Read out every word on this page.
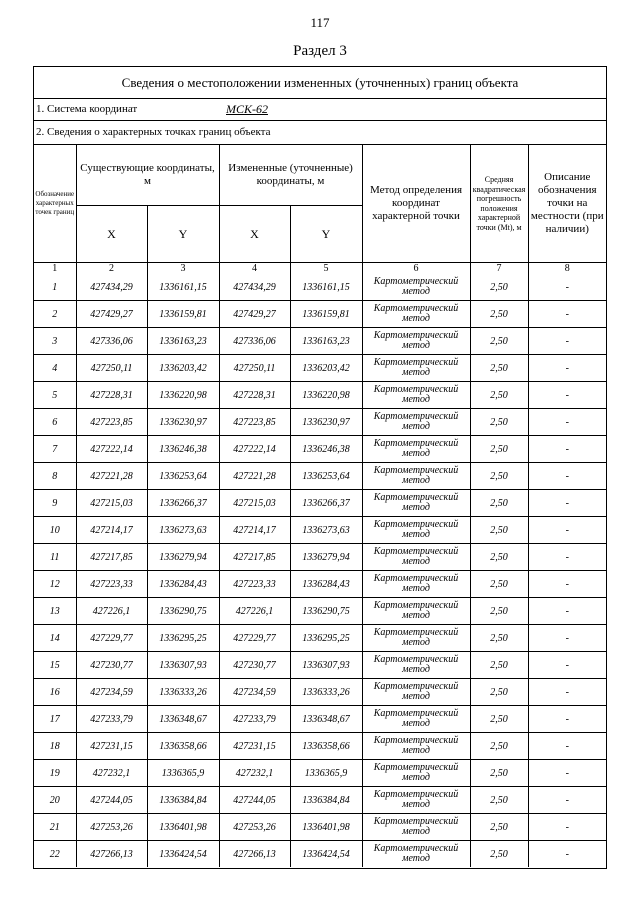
117
Раздел 3
Сведения о местоположении измененных (уточненных) границ объекта
1. Система координат	МСК-62
2. Сведения о характерных точках границ объекта
Обозначение характерных точек границ	Существующие координаты, м		Измененные (уточненные) координаты, м		Метод определения координат характерной точки	Средняя квадратическая погрешность положения характерной точки (Mt), м	Описание обозначения точки на местности (при наличии)
	X	Y	X	Y			
1	2	3	4	5	6	7	8
1	427434,29	1336161,15	427434,29	1336161,15	Картометрический метод	2,50	-
2	427429,27	1336159,81	427429,27	1336159,81	Картометрический метод	2,50	-
3	427336,06	1336163,23	427336,06	1336163,23	Картометрический метод	2,50	-
4	427250,11	1336203,42	427250,11	1336203,42	Картометрический метод	2,50	-
5	427228,31	1336220,98	427228,31	1336220,98	Картометрический метод	2,50	-
6	427223,85	1336230,97	427223,85	1336230,97	Картометрический метод	2,50	-
7	427222,14	1336246,38	427222,14	1336246,38	Картометрический метод	2,50	-
8	427221,28	1336253,64	427221,28	1336253,64	Картометрический метод	2,50	-
9	427215,03	1336266,37	427215,03	1336266,37	Картометрический метод	2,50	-
10	427214,17	1336273,63	427214,17	1336273,63	Картометрический метод	2,50	-
11	427217,85	1336279,94	427217,85	1336279,94	Картометрический метод	2,50	-
12	427223,33	1336284,43	427223,33	1336284,43	Картометрический метод	2,50	-
13	427226,1	1336290,75	427226,1	1336290,75	Картометрический метод	2,50	-
14	427229,77	1336295,25	427229,77	1336295,25	Картометрический метод	2,50	-
15	427230,77	1336307,93	427230,77	1336307,93	Картометрический метод	2,50	-
16	427234,59	1336333,26	427234,59	1336333,26	Картометрический метод	2,50	-
17	427233,79	1336348,67	427233,79	1336348,67	Картометрический метод	2,50	-
18	427231,15	1336358,66	427231,15	1336358,66	Картометрический метод	2,50	-
19	427232,1	1336365,9	427232,1	1336365,9	Картометрический метод	2,50	-
20	427244,05	1336384,84	427244,05	1336384,84	Картометрический метод	2,50	-
21	427253,26	1336401,98	427253,26	1336401,98	Картометрический метод	2,50	-
22	427266,13	1336424,54	427266,13	1336424,54	Картометрический метод	2,50	-
